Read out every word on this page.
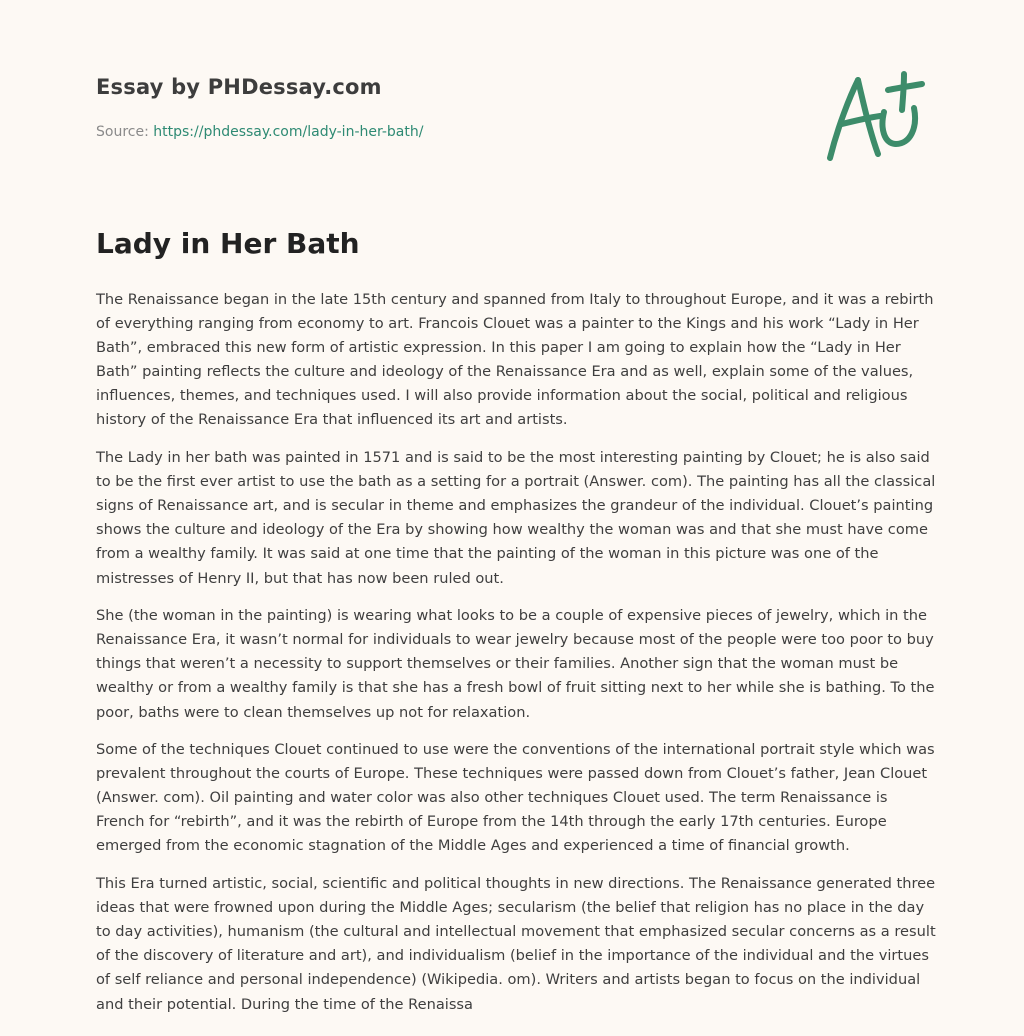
Essay by PHDessay.com
Source: https://phdessay.com/lady-in-her-bath/
Lady in Her Bath

The Renaissance began in the late 15th century and spanned from Italy to throughout Europe, and it was a rebirth of everything ranging from economy to art. Francois Clouet was a painter to the Kings and his work “Lady in Her Bath”, embraced this new form of artistic expression. In this paper I am going to explain how the “Lady in Her Bath” painting reflects the culture and ideology of the Renaissance Era and as well, explain some of the values, influences, themes, and techniques used. I will also provide information about the social, political and religious history of the Renaissance Era that influenced its art and artists.

The Lady in her bath was painted in 1571 and is said to be the most interesting painting by Clouet; he is also said to be the first ever artist to use the bath as a setting for a portrait (Answer. com). The painting has all the classical signs of Renaissance art, and is secular in theme and emphasizes the grandeur of the individual. Clouet’s painting shows the culture and ideology of the Era by showing how wealthy the woman was and that she must have come from a wealthy family. It was said at one time that the painting of the woman in this picture was one of the mistresses of Henry II, but that has now been ruled out.

She (the woman in the painting) is wearing what looks to be a couple of expensive pieces of jewelry, which in the Renaissance Era, it wasn’t normal for individuals to wear jewelry because most of the people were too poor to buy things that weren’t a necessity to support themselves or their families. Another sign that the woman must be wealthy or from a wealthy family is that she has a fresh bowl of fruit sitting next to her while she is bathing. To the poor, baths were to clean themselves up not for relaxation.

Some of the techniques Clouet continued to use were the conventions of the international portrait style which was prevalent throughout the courts of Europe. These techniques were passed down from Clouet’s father, Jean Clouet (Answer. com). Oil painting and water color was also other techniques Clouet used. The term Renaissance is French for “rebirth”, and it was the rebirth of Europe from the 14th through the early 17th centuries. Europe emerged from the economic stagnation of the Middle Ages and experienced a time of financial growth.

This Era turned artistic, social, scientific and political thoughts in new directions. The Renaissance generated three ideas that were frowned upon during the Middle Ages; secularism (the belief that religion has no place in the day to day activities), humanism (the cultural and intellectual movement that emphasized secular concerns as a result of the discovery of literature and art), and individualism (belief in the importance of the individual and the virtues of self reliance and personal independence) (Wikipedia. om). Writers and artists began to focus on the individual and their potential. During the time of the Renaissa
